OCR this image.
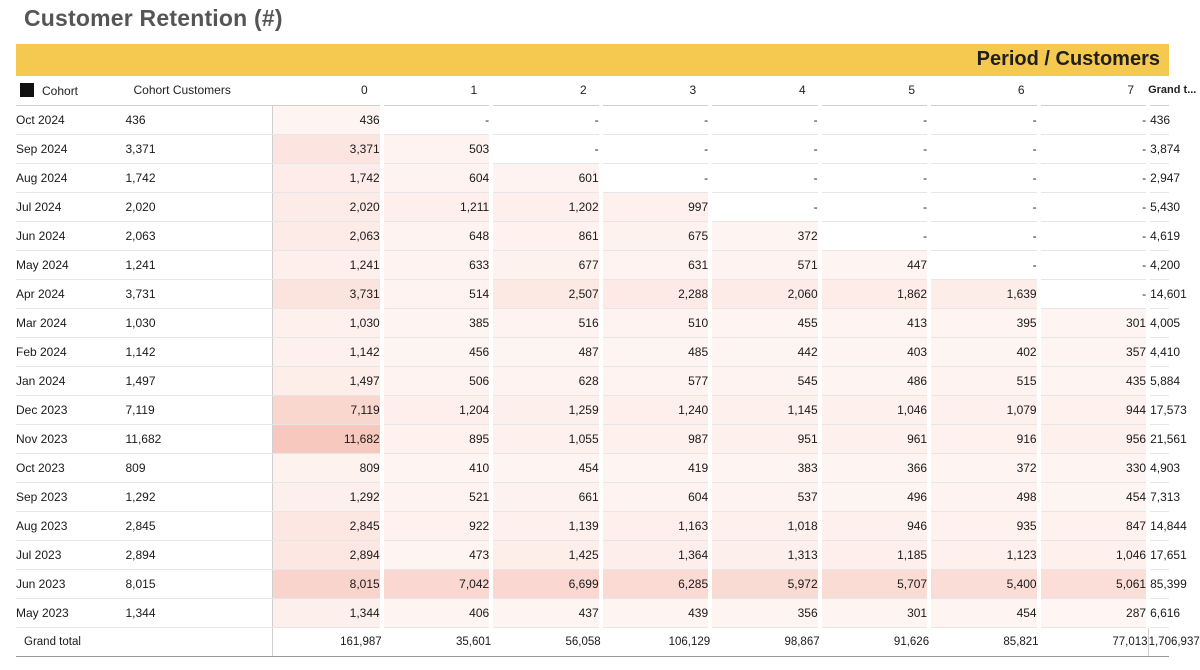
Customer Retention (#)
Period / Customers
Cohort	Cohort Customers	0	1	2	3	4	5	6	7	Grand t...
Oct 2024	436	436	-	-	-	-	-	-	-	436
Sep 2024	3,371	3,371	503	-	-	-	-	-	-	3,874
Aug 2024	1,742	1,742	604	601	-	-	-	-	-	2,947
Jul 2024	2,020	2,020	1,211	1,202	997	-	-	-	-	5,430
Jun 2024	2,063	2,063	648	861	675	372	-	-	-	4,619
May 2024	1,241	1,241	633	677	631	571	447	-	-	4,200
Apr 2024	3,731	3,731	514	2,507	2,288	2,060	1,862	1,639	-	14,601
Mar 2024	1,030	1,030	385	516	510	455	413	395	301	4,005
Feb 2024	1,142	1,142	456	487	485	442	403	402	357	4,410
Jan 2024	1,497	1,497	506	628	577	545	486	515	435	5,884
Dec 2023	7,119	7,119	1,204	1,259	1,240	1,145	1,046	1,079	944	17,573
Nov 2023	11,682	11,682	895	1,055	987	951	961	916	956	21,561
Oct 2023	809	809	410	454	419	383	366	372	330	4,903
Sep 2023	1,292	1,292	521	661	604	537	496	498	454	7,313
Aug 2023	2,845	2,845	922	1,139	1,163	1,018	946	935	847	14,844
Jul 2023	2,894	2,894	473	1,425	1,364	1,313	1,185	1,123	1,046	17,651
Jun 2023	8,015	8,015	7,042	6,699	6,285	5,972	5,707	5,400	5,061	85,399
May 2023	1,344	1,344	406	437	439	356	301	454	287	6,616
Grand total		161,987	35,601	56,058	106,129	98,867	91,626	85,821	77,013	1,706,937
